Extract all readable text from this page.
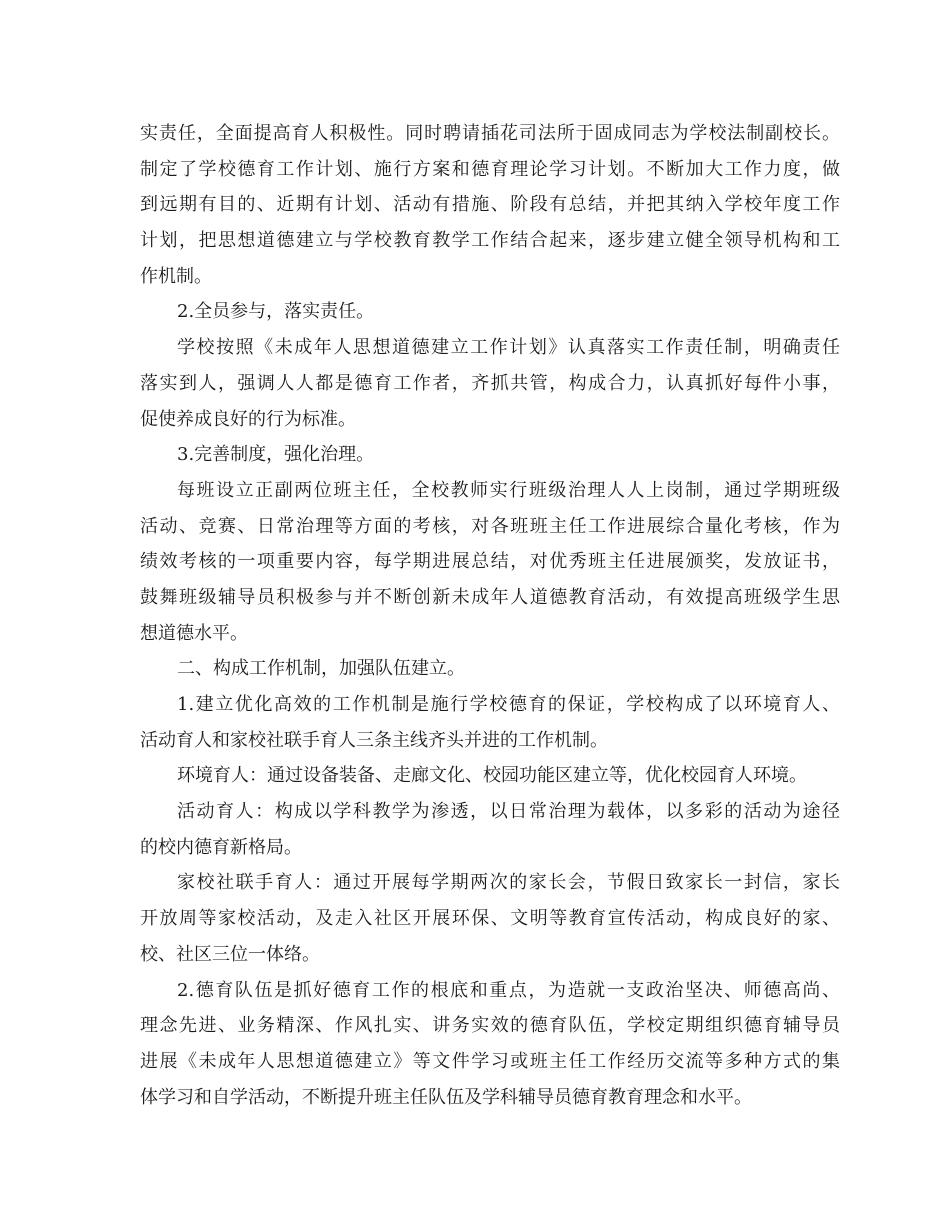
实责任，全面提高育人积极性。同时聘请插花司法所于固成同志为学校法制副校长。
制定了学校德育工作计划、施行方案和德育理论学习计划。不断加大工作力度，做
到远期有目的、近期有计划、活动有措施、阶段有总结，并把其纳入学校年度工作
计划，把思想道德建立与学校教育教学工作结合起来，逐步建立健全领导机构和工
作机制。
2.全员参与，落实责任。
学校按照《未成年人思想道德建立工作计划》认真落实工作责任制，明确责任
落实到人，强调人人都是德育工作者，齐抓共管，构成合力，认真抓好每件小事，
促使养成良好的行为标准。
3.完善制度，强化治理。
每班设立正副两位班主任，全校教师实行班级治理人人上岗制，通过学期班级
活动、竞赛、日常治理等方面的考核，对各班班主任工作进展综合量化考核，作为
绩效考核的一项重要内容，每学期进展总结，对优秀班主任进展颁奖，发放证书，
鼓舞班级辅导员积极参与并不断创新未成年人道德教育活动，有效提高班级学生思
想道德水平。
二、构成工作机制，加强队伍建立。
1.建立优化高效的工作机制是施行学校德育的保证，学校构成了以环境育人、
活动育人和家校社联手育人三条主线齐头并进的工作机制。
环境育人：通过设备装备、走廊文化、校园功能区建立等，优化校园育人环境。
活动育人：构成以学科教学为渗透，以日常治理为载体，以多彩的活动为途径
的校内德育新格局。
家校社联手育人：通过开展每学期两次的家长会，节假日致家长一封信，家长
开放周等家校活动，及走入社区开展环保、文明等教育宣传活动，构成良好的家、
校、社区三位一体络。
2.德育队伍是抓好德育工作的根底和重点，为造就一支政治坚决、师德高尚、
理念先进、业务精深、作风扎实、讲务实效的德育队伍，学校定期组织德育辅导员
进展《未成年人思想道德建立》等文件学习或班主任工作经历交流等多种方式的集
体学习和自学活动，不断提升班主任队伍及学科辅导员德育教育理念和水平。
